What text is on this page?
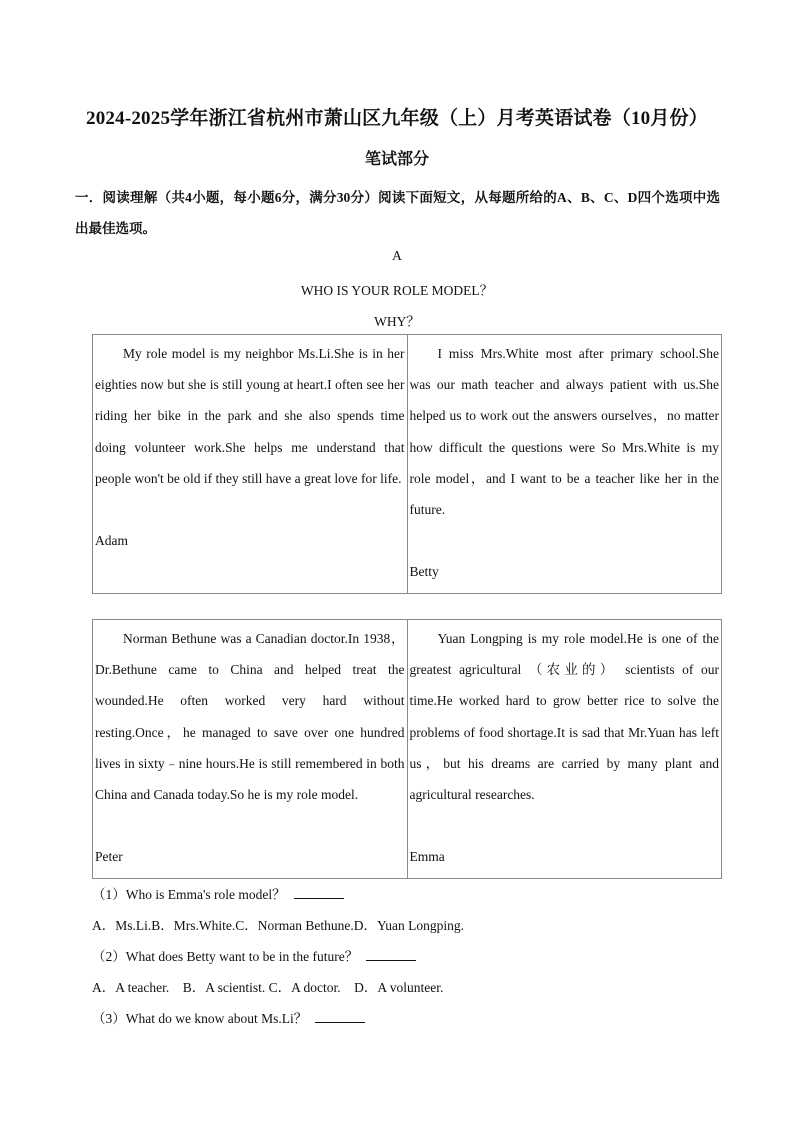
2024-2025学年浙江省杭州市萧山区九年级（上）月考英语试卷（10月份）
笔试部分
一．阅读理解（共4小题，每小题6分，满分30分）阅读下面短文，从每题所给的A、B、C、D四个选项中选出最佳选项。
A
WHO IS YOUR ROLE MODEL？
WHY？

My role model is my neighbor Ms.Li.She is in her eighties now but she is still young at heart.I often see her riding her bike in the park and she also spends time doing volunteer work.She helps me understand that people won't be old if they still have a great love for life.

Adam

I miss Mrs.White most after primary school.She was our math teacher and always patient with us.She helped us to work out the answers ourselves，no matter how difficult the questions were So Mrs.White is my role model，and I want to be a teacher like her in the future.

Betty

Norman Bethune was a Canadian doctor.In 1938，Dr.Bethune came to China and helped treat the wounded.He often worked very hard without resting.Once，he managed to save over one hundred lives in sixty﹣nine hours.He is still remembered in both China and Canada today.So he is my role model.

Peter

Yuan Longping is my role model.He is one of the greatest agricultural （农业的） scientists of our time.He worked hard to grow better rice to solve the problems of food shortage.It is sad that Mr.Yuan has left us，but his dreams are carried by many plant and agricultural researches.

Emma

（1）Who is Emma's role model？
A．Ms.Li.B．Mrs.White.C．Norman Bethune.D．Yuan Longping.
（2）What does Betty want to be in the future？
A．A teacher.　B．A scientist. C．A doctor.　D．A volunteer.
（3）What do we know about Ms.Li？
